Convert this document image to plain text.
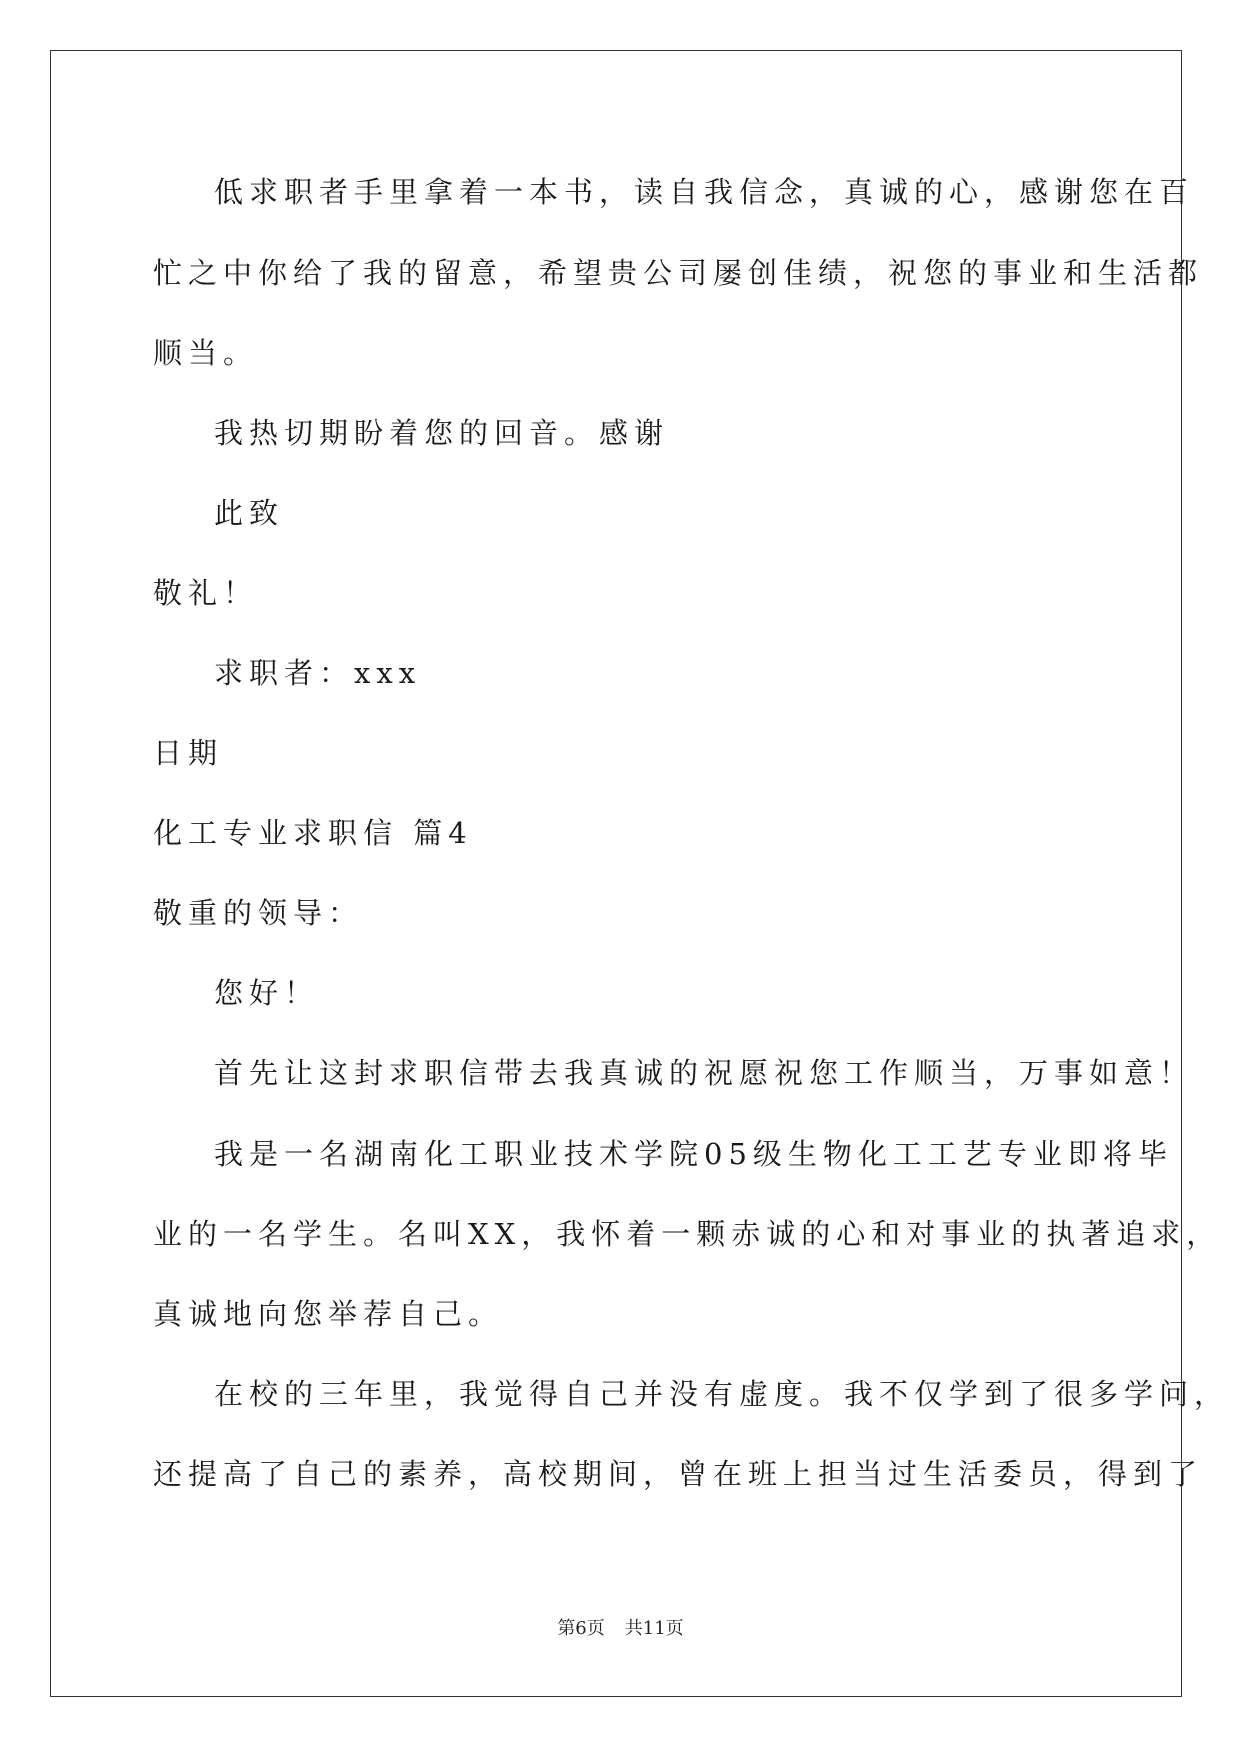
低求职者手里拿着一本书，读自我信念，真诚的心，感谢您在百
忙之中你给了我的留意，希望贵公司屡创佳绩，祝您的事业和生活都
顺当。
我热切期盼着您的回音。感谢
此致
敬礼！
求职者：xxx
日期
化工专业求职信 篇4
敬重的领导：
您好！
首先让这封求职信带去我真诚的祝愿祝您工作顺当，万事如意！
我是一名湖南化工职业技术学院05级生物化工工艺专业即将毕
业的一名学生。名叫XX，我怀着一颗赤诚的心和对事业的执著追求，
真诚地向您举荐自己。
在校的三年里，我觉得自己并没有虚度。我不仅学到了很多学问，
还提高了自己的素养，高校期间，曾在班上担当过生活委员，得到了
第6页 共11页
